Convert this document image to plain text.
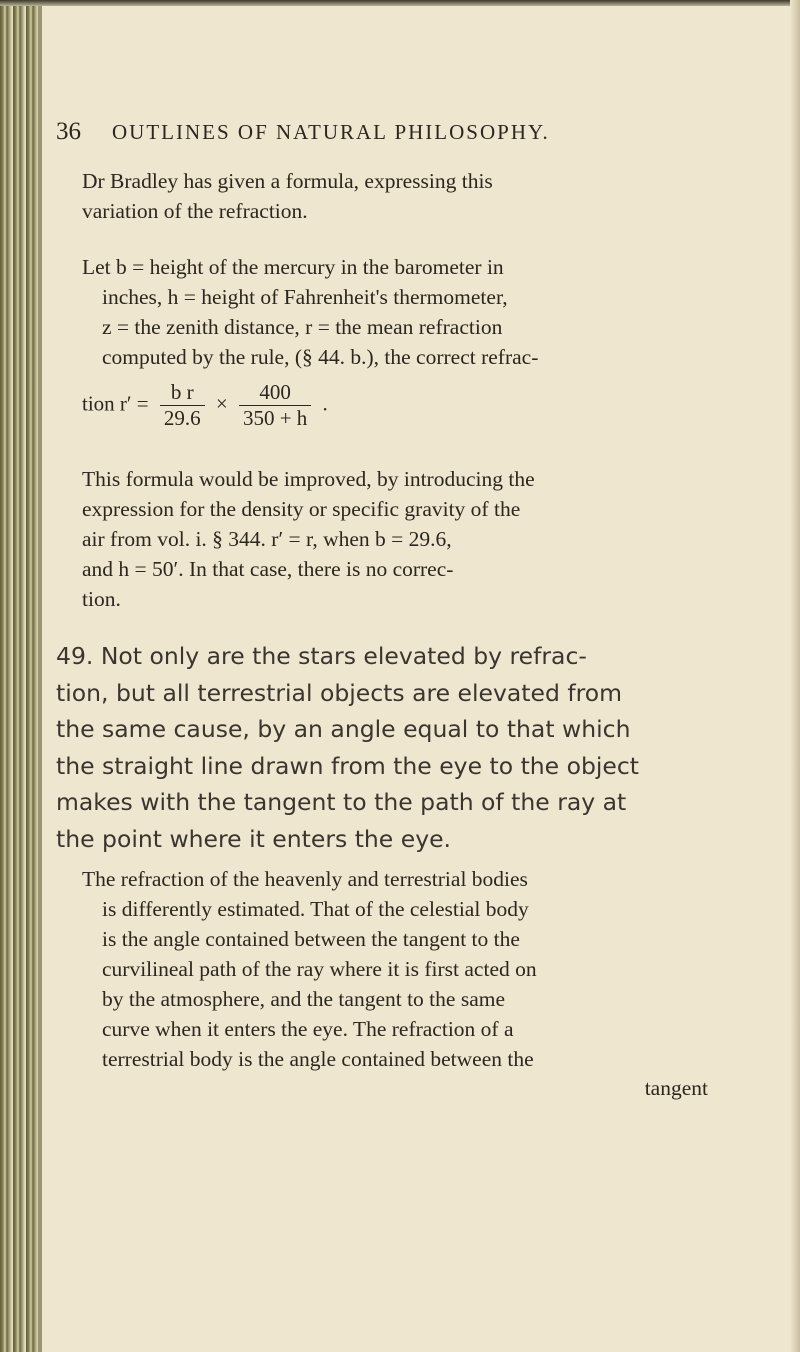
36 OUTLINES OF NATURAL PHILOSOPHY.
Dr Bradley has given a formula, expressing this
variation of the refraction.
Let b = height of the mercury in the barometer in
inches, h = height of Fahrenheit's thermometer,
z = the zenith distance, r = the mean refraction
computed by the rule, (§ 44. b.), the correct refrac-
tion $r' = \frac{\text{b r}}{29.6} \times \frac{400}{350 + h}$ .
This formula would be improved, by introducing the
expression for the density or specific gravity of the
air from vol. i. § 344. r′ = r, when b = 29.6,
and h = 50′. In that case, there is no correc-
tion.
49. Not only are the stars elevated by refrac-
tion, but all terrestrial objects are elevated from
the same cause, by an angle equal to that which
the straight line drawn from the eye to the object
makes with the tangent to the path of the ray at
the point where it enters the eye.
The refraction of the heavenly and terrestrial bodies
is differently estimated. That of the celestial body
is the angle contained between the tangent to the
curvilineal path of the ray where it is first acted on
by the atmosphere, and the tangent to the same
curve when it enters the eye. The refraction of a
terrestrial body is the angle contained between the
tangent
